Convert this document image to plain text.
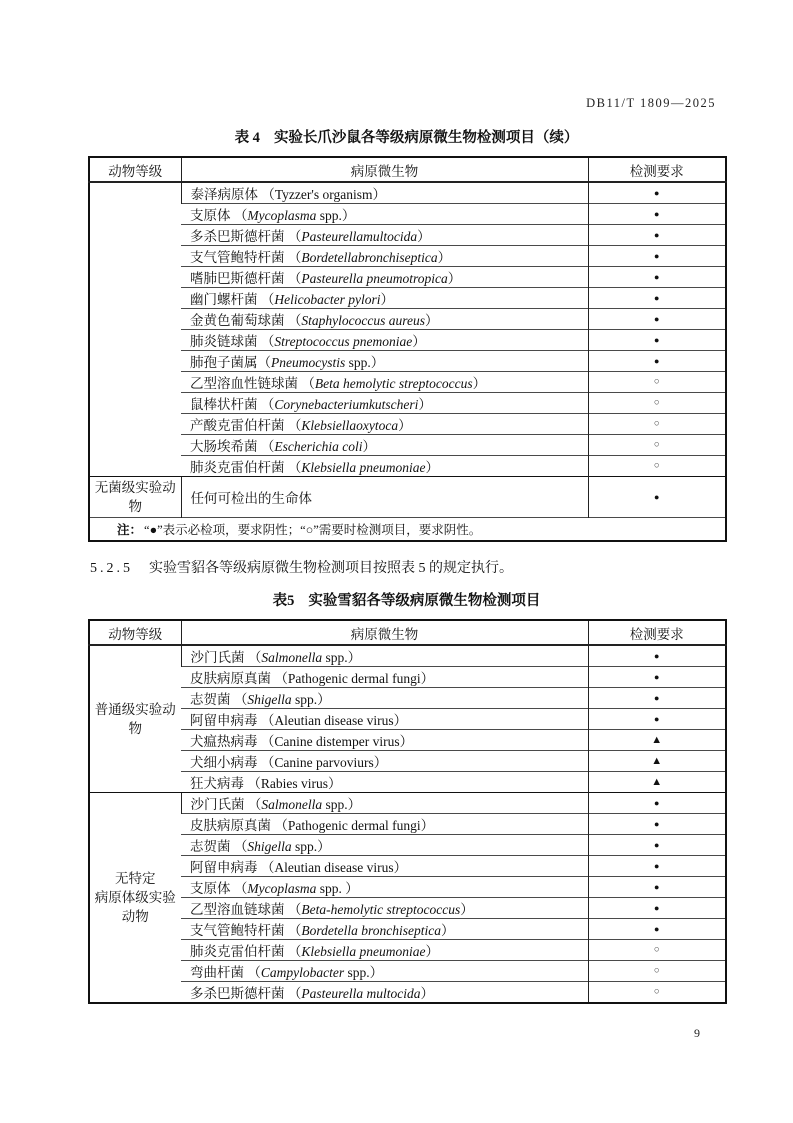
DB11/T 1809—2025
表 4 实验长爪沙鼠各等级病原微生物检测项目（续）
动物等级	病原微生物	检测要求
	泰泽病原体 （Tyzzer's organism）	●
	支原体 （Mycoplasma spp.）	●
	多杀巴斯德杆菌 （Pasteurellamultocida）	●
	支气管鲍特杆菌 （Bordetellabronchiseptica）	●
	嗜肺巴斯德杆菌 （Pasteurella pneumotropica）	●
	幽门螺杆菌 （Helicobacter pylori）	●
	金黄色葡萄球菌 （Staphylococcus aureus）	●
	肺炎链球菌 （Streptococcus pnemoniae）	●
	肺孢子菌属（Pneumocystis spp.）	●
	乙型溶血性链球菌 （Beta hemolytic streptococcus）	○
	鼠棒状杆菌 （Corynebacteriumkutscheri）	○
	产酸克雷伯杆菌 （Klebsiellaoxytoca）	○
	大肠埃希菌 （Escherichia coli）	○
	肺炎克雷伯杆菌 （Klebsiella pneumoniae）	○
无菌级实验动
物	任何可检出的生命体	●
注： “●”表示必检项，要求阴性；“○”需要时检测项目，要求阴性。		
5.2.5 实验雪貂各等级病原微生物检测项目按照表 5 的规定执行。
表5 实验雪貂各等级病原微生物检测项目
动物等级	病原微生物	检测要求
普通级实验动
物	沙门氏菌 （Salmonella spp.）	●
	皮肤病原真菌 （Pathogenic dermal fungi）	●
	志贺菌 （Shigella spp.）	●
	阿留申病毒 （Aleutian disease virus）	●
	犬瘟热病毒 （Canine distemper virus）	▲
	犬细小病毒 （Canine parvoviurs）	▲
	狂犬病毒 （Rabies virus）	▲
无特定
病原体级实验
动物	沙门氏菌 （Salmonella spp.）	●
	皮肤病原真菌 （Pathogenic dermal fungi）	●
	志贺菌 （Shigella spp.）	●
	阿留申病毒 （Aleutian disease virus）	●
	支原体 （Mycoplasma spp. ）	●
	乙型溶血链球菌 （Beta-hemolytic streptococcus）	●
	支气管鲍特杆菌 （Bordetella bronchiseptica）	●
	肺炎克雷伯杆菌 （Klebsiella pneumoniae）	○
	弯曲杆菌 （Campylobacter spp.）	○
	多杀巴斯德杆菌 （Pasteurella multocida）	○
9
